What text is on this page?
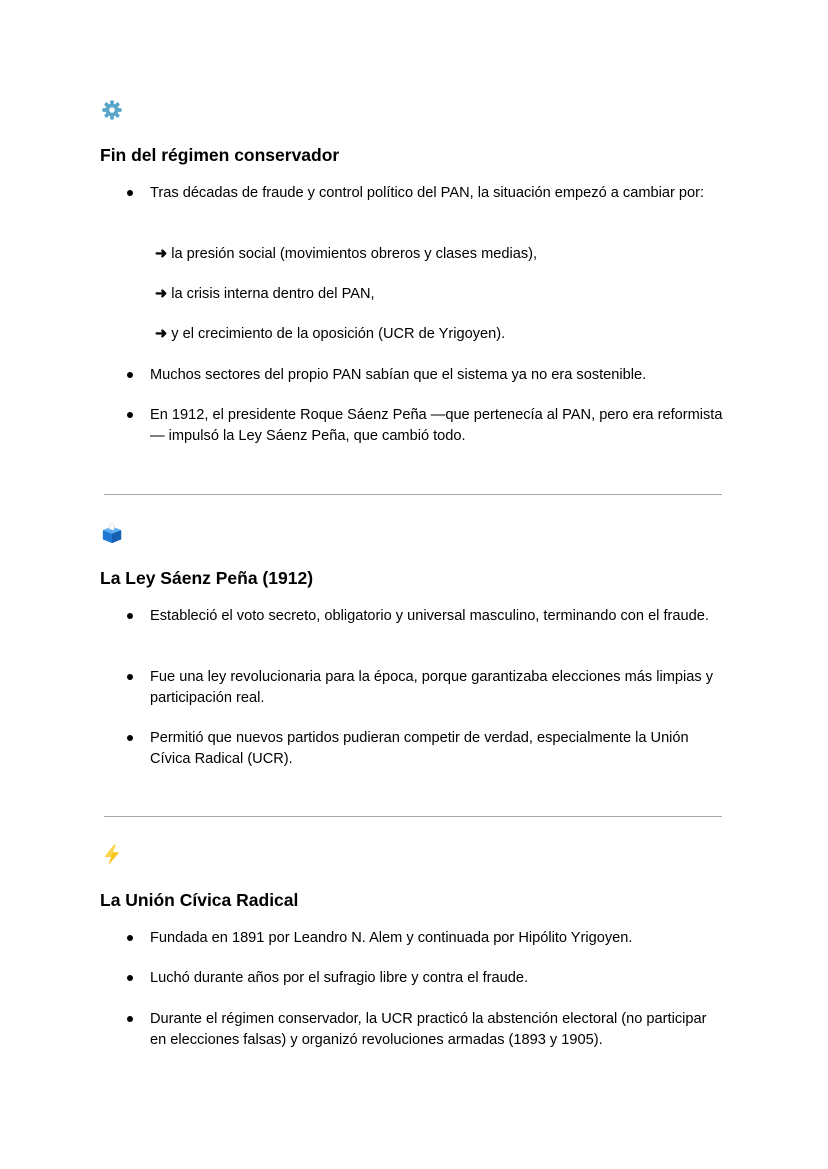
Fin del régimen conservador
Tras décadas de fraude y control político del PAN, la situación empezó a cambiar por:
➜ la presión social (movimientos obreros y clases medias),
➜ la crisis interna dentro del PAN,
➜ y el crecimiento de la oposición (UCR de Yrigoyen).
Muchos sectores del propio PAN sabían que el sistema ya no era sostenible.
En 1912, el presidente Roque Sáenz Peña —que pertenecía al PAN, pero era reformista— impulsó la Ley Sáenz Peña, que cambió todo.
La Ley Sáenz Peña (1912)
Estableció el voto secreto, obligatorio y universal masculino, terminando con el fraude.
Fue una ley revolucionaria para la época, porque garantizaba elecciones más limpias y participación real.
Permitió que nuevos partidos pudieran competir de verdad, especialmente la Unión Cívica Radical (UCR).
La Unión Cívica Radical
Fundada en 1891 por Leandro N. Alem y continuada por Hipólito Yrigoyen.
Luchó durante años por el sufragio libre y contra el fraude.
Durante el régimen conservador, la UCR practicó la abstención electoral (no participar en elecciones falsas) y organizó revoluciones armadas (1893 y 1905).
